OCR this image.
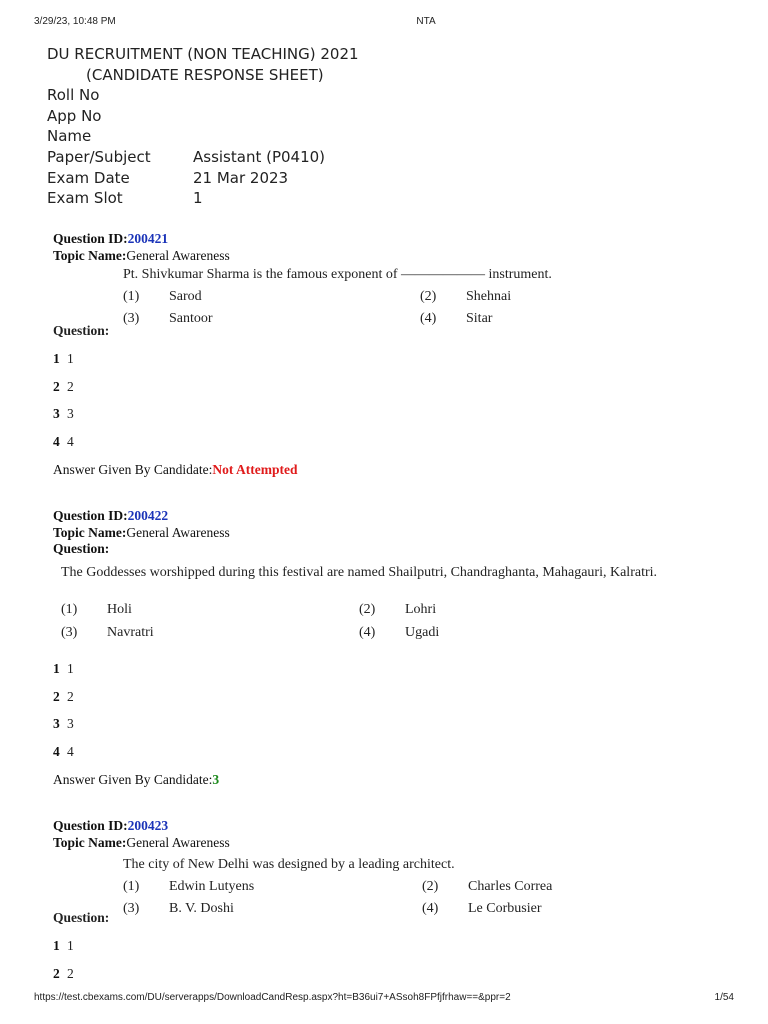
3/29/23, 10:48 PM	NTA
DU RECRUITMENT (NON TEACHING) 2021
(CANDIDATE RESPONSE SHEET)
Roll No
App No
Name
Paper/Subject	Assistant (P0410)
Exam Date	21 Mar 2023
Exam Slot	1
Question ID:200421
Topic Name:General Awareness
Pt. Shivkumar Sharma is the famous exponent of —————— instrument.
(1) Sarod	(2) Shehnai
(3) Santoor	(4) Sitar
Question:
1 1
2 2
3 3
4 4
Answer Given By Candidate:Not Attempted
Question ID:200422
Topic Name:General Awareness
Question:
The Goddesses worshipped during this festival are named Shailputri, Chandraghanta, Mahagauri, Kalratri.
(1) Holi	(2) Lohri
(3) Navratri	(4) Ugadi
1 1
2 2
3 3
4 4
Answer Given By Candidate:3
Question ID:200423
Topic Name:General Awareness
The city of New Delhi was designed by a leading architect.
(1) Edwin Lutyens	(2) Charles Correa
(3) B. V. Doshi	(4) Le Corbusier
Question:
1 1
2 2
https://test.cbexams.com/DU/serverapps/DownloadCandResp.aspx?ht=B36ui7+ASsoh8FPfjfrhaw==&ppr=2	1/54
